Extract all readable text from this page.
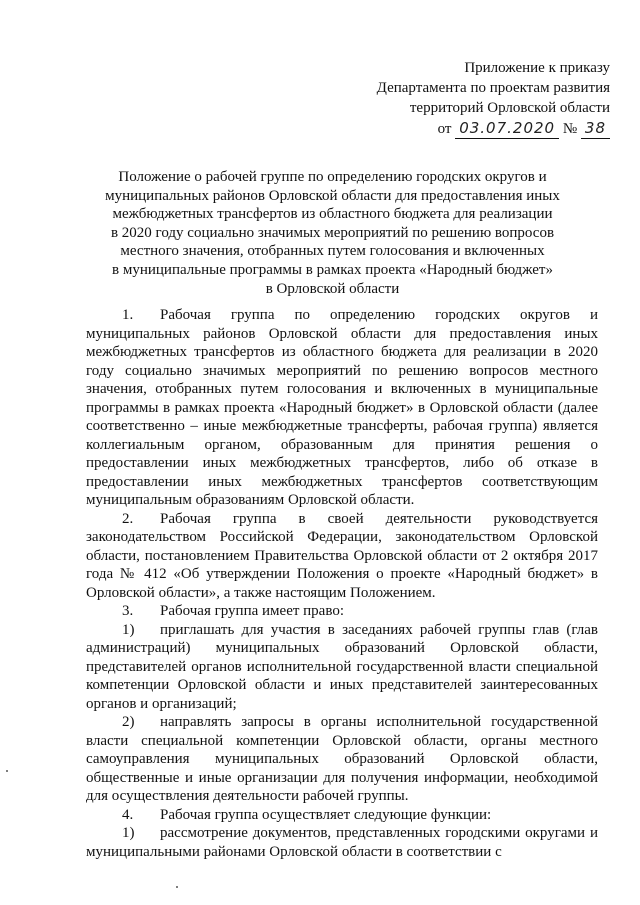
Приложение к приказу
Департамента по проектам развития
территорий Орловской области
от 03.07.2020 № 38
Положение о рабочей группе по определению городских округов и
муниципальных районов Орловской области для предоставления иных
межбюджетных трансфертов из областного бюджета для реализации
в 2020 году социально значимых мероприятий по решению вопросов
местного значения, отобранных путем голосования и включенных
в муниципальные программы в рамках проекта «Народный бюджет»
в Орловской области

1. Рабочая группа по определению городских округов и муниципальных районов Орловской области для предоставления иных межбюджетных трансфертов из областного бюджета для реализации в 2020 году социально значимых мероприятий по решению вопросов местного значения, отобранных путем голосования и включенных в муниципальные программы в рамках проекта «Народный бюджет» в Орловской области (далее соответственно – иные межбюджетные трансферты, рабочая группа) является коллегиальным органом, образованным для принятия решения о предоставлении иных межбюджетных трансфертов, либо об отказе в предоставлении иных межбюджетных трансфертов соответствующим муниципальным образованиям Орловской области.

2. Рабочая группа в своей деятельности руководствуется законодательством Российской Федерации, законодательством Орловской области, постановлением Правительства Орловской области от 2 октября 2017 года № 412 «Об утверждении Положения о проекте «Народный бюджет» в Орловской области», а также настоящим Положением.

3. Рабочая группа имеет право:

1) приглашать для участия в заседаниях рабочей группы глав (глав администраций) муниципальных образований Орловской области, представителей органов исполнительной государственной власти специальной компетенции Орловской области и иных представителей заинтересованных органов и организаций;

2) направлять запросы в органы исполнительной государственной власти специальной компетенции Орловской области, органы местного самоуправления муниципальных образований Орловской области, общественные и иные организации для получения информации, необходимой для осуществления деятельности рабочей группы.

4. Рабочая группа осуществляет следующие функции:

1) рассмотрение документов, представленных городскими округами и муниципальными районами Орловской области в соответствии с
